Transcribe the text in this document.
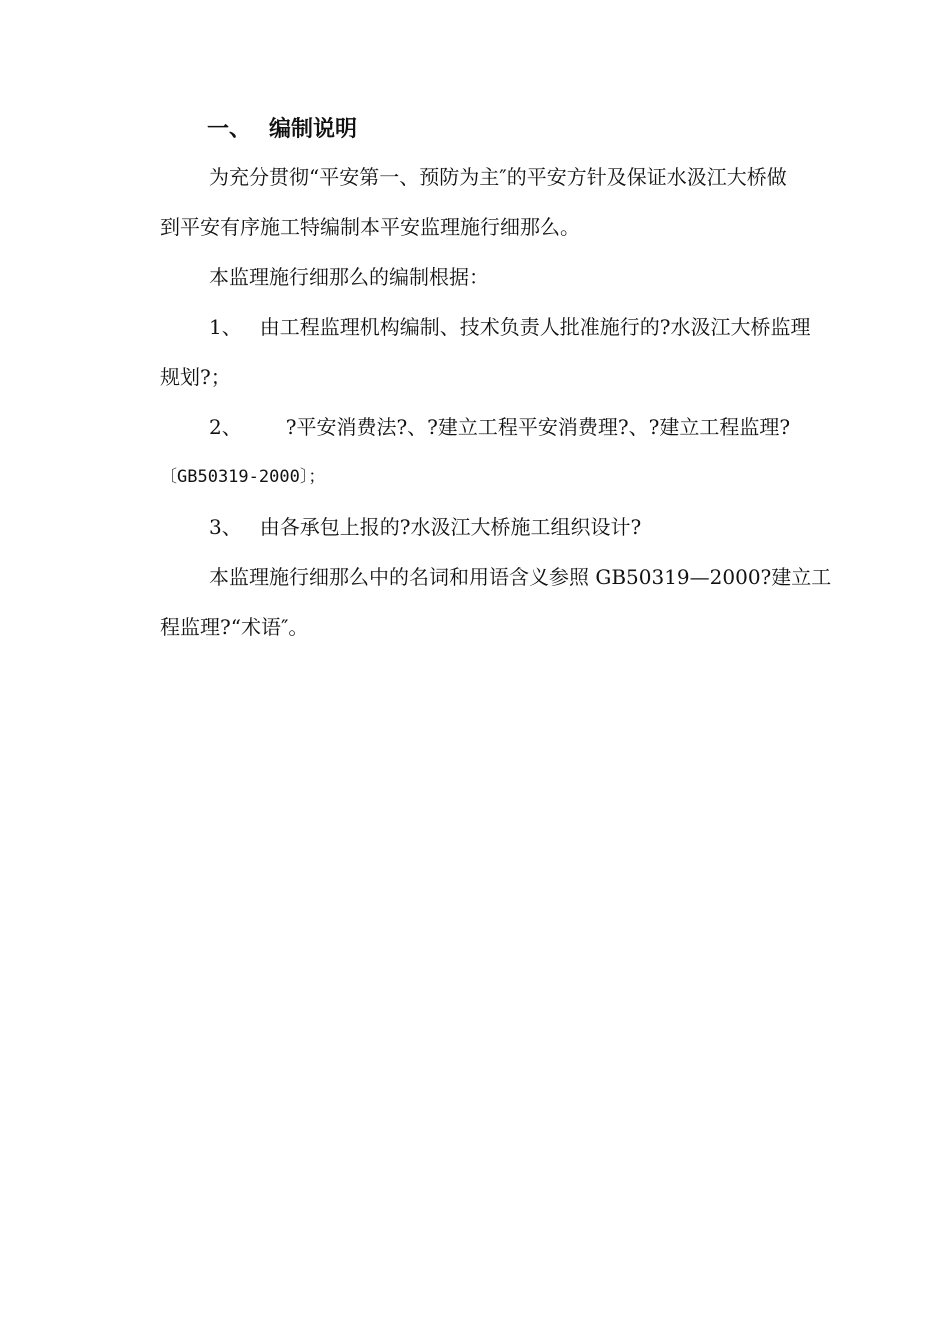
一、 编制说明
为充分贯彻“平安第一、预防为主″的平安方针及保证水汲江大桥做
到平安有序施工特编制本平安监理施行细那么。
本监理施行细那么的编制根据：
1、 由工程监理机构编制、技术负责人批准施行的?水汲江大桥监理
规划?；
2、 ?平安消费法?、?建立工程平安消费理?、?建立工程监理?
〔GB50319-2000〕；
3、 由各承包上报的?水汲江大桥施工组织设计?
本监理施行细那么中的名词和用语含义参照 GB50319—2000?建立工
程监理?“术语″。
